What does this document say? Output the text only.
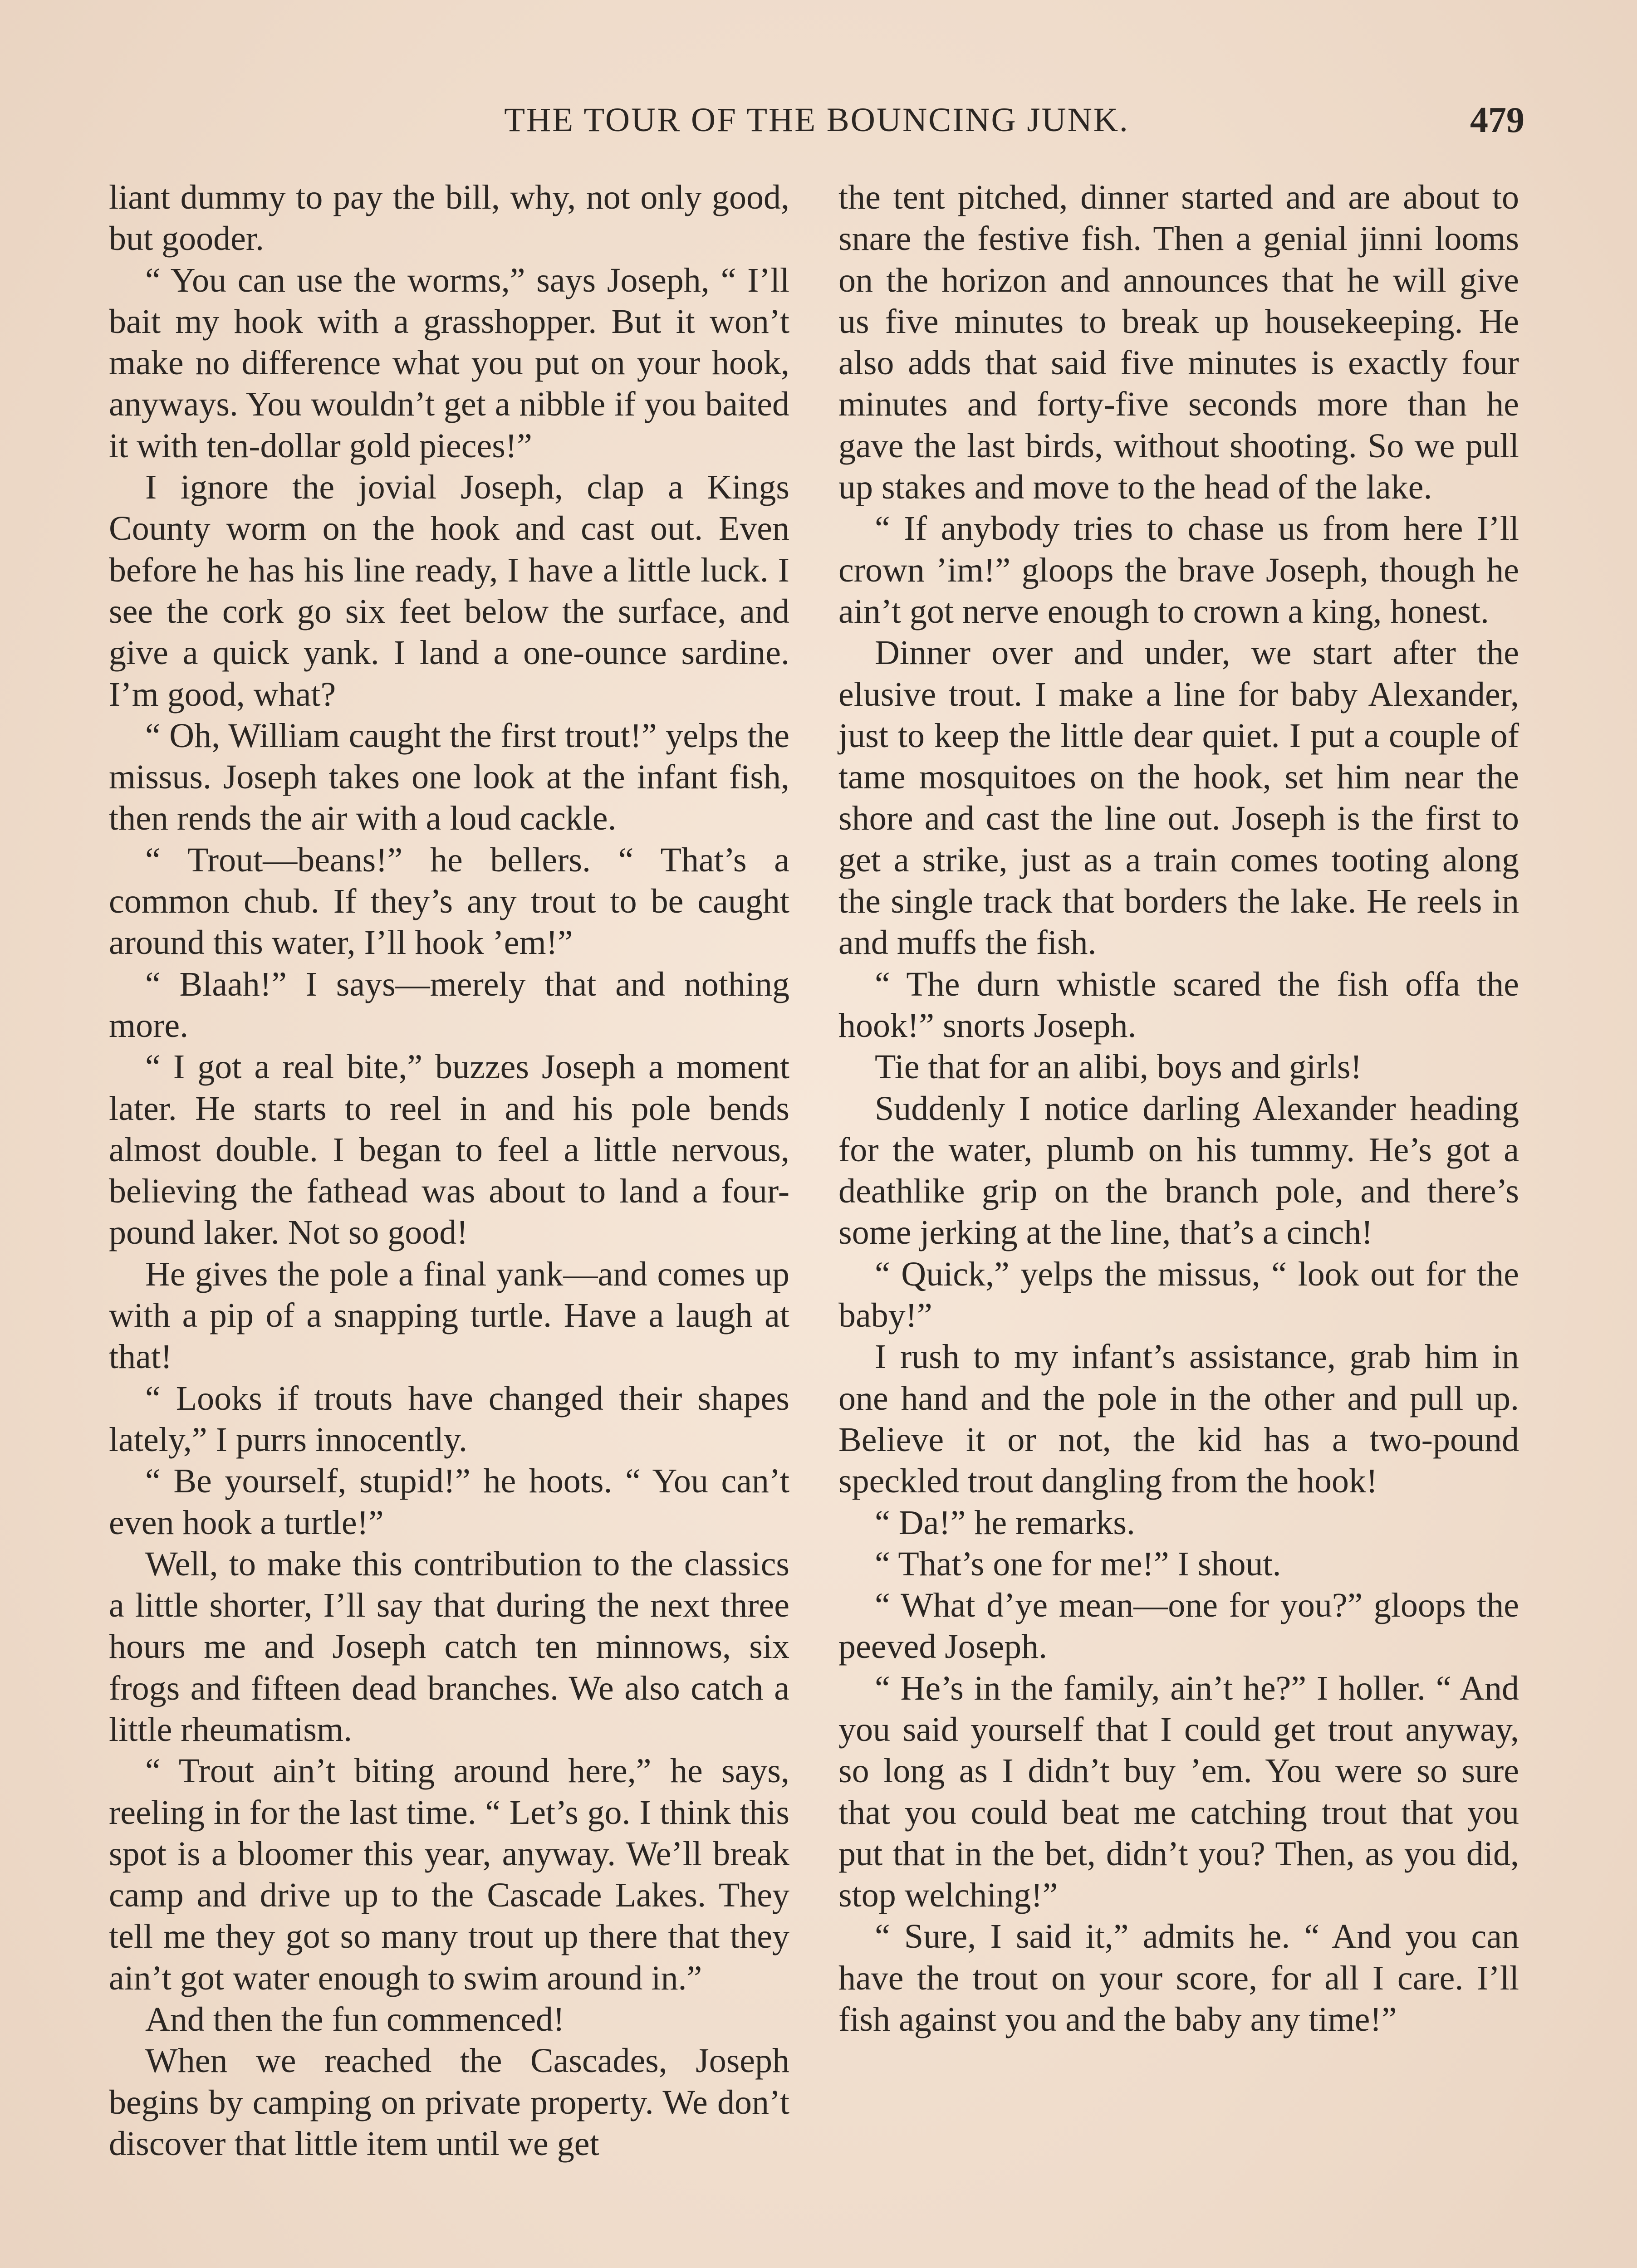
THE TOUR OF THE BOUNCING JUNK.	479

liant dummy to pay the bill, why, not only good, but gooder.

“ You can use the worms,” says Joseph, “ I’ll bait my hook with a grasshopper. But it won’t make no difference what you put on your hook, anyways. You wouldn’t get a nibble if you baited it with ten-dollar gold pieces!”

I ignore the jovial Joseph, clap a Kings County worm on the hook and cast out. Even before he has his line ready, I have a little luck. I see the cork go six feet below the surface, and give a quick yank. I land a one-ounce sardine. I’m good, what?

“ Oh, William caught the first trout!” yelps the missus. Joseph takes one look at the infant fish, then rends the air with a loud cackle.

“ Trout—beans!” he bellers. “ That’s a common chub. If they’s any trout to be caught around this water, I’ll hook ’em!”

“ Blaah!” I says—merely that and nothing more.

“ I got a real bite,” buzzes Joseph a moment later. He starts to reel in and his pole bends almost double. I began to feel a little nervous, believing the fathead was about to land a four-pound laker. Not so good!

He gives the pole a final yank—and comes up with a pip of a snapping turtle. Have a laugh at that!

“ Looks if trouts have changed their shapes lately,” I purrs innocently.

“ Be yourself, stupid!” he hoots. “ You can’t even hook a turtle!”

Well, to make this contribution to the classics a little shorter, I’ll say that during the next three hours me and Joseph catch ten minnows, six frogs and fifteen dead branches. We also catch a little rheumatism.

“ Trout ain’t biting around here,” he says, reeling in for the last time. “ Let’s go. I think this spot is a bloomer this year, anyway. We’ll break camp and drive up to the Cascade Lakes. They tell me they got so many trout up there that they ain’t got water enough to swim around in.”

And then the fun commenced!

When we reached the Cascades, Joseph begins by camping on private property. We don’t discover that little item until we get

the tent pitched, dinner started and are about to snare the festive fish. Then a genial jinni looms on the horizon and announces that he will give us five minutes to break up housekeeping. He also adds that said five minutes is exactly four minutes and forty-five seconds more than he gave the last birds, without shooting. So we pull up stakes and move to the head of the lake.

“ If anybody tries to chase us from here I’ll crown ’im!” gloops the brave Joseph, though he ain’t got nerve enough to crown a king, honest.

Dinner over and under, we start after the elusive trout. I make a line for baby Alexander, just to keep the little dear quiet. I put a couple of tame mosquitoes on the hook, set him near the shore and cast the line out. Joseph is the first to get a strike, just as a train comes tooting along the single track that borders the lake. He reels in and muffs the fish.

“ The durn whistle scared the fish offa the hook!” snorts Joseph.

Tie that for an alibi, boys and girls!

Suddenly I notice darling Alexander heading for the water, plumb on his tummy. He’s got a deathlike grip on the branch pole, and there’s some jerking at the line, that’s a cinch!

“ Quick,” yelps the missus, “ look out for the baby!”

I rush to my infant’s assistance, grab him in one hand and the pole in the other and pull up. Believe it or not, the kid has a two-pound speckled trout dangling from the hook!

“ Da!” he remarks.

“ That’s one for me!” I shout.

“ What d’ye mean—one for you?” gloops the peeved Joseph.

“ He’s in the family, ain’t he?” I holler. “ And you said yourself that I could get trout anyway, so long as I didn’t buy ’em. You were so sure that you could beat me catching trout that you put that in the bet, didn’t you? Then, as you did, stop welching!”

“ Sure, I said it,” admits he. “ And you can have the trout on your score, for all I care. I’ll fish against you and the baby any time!”
